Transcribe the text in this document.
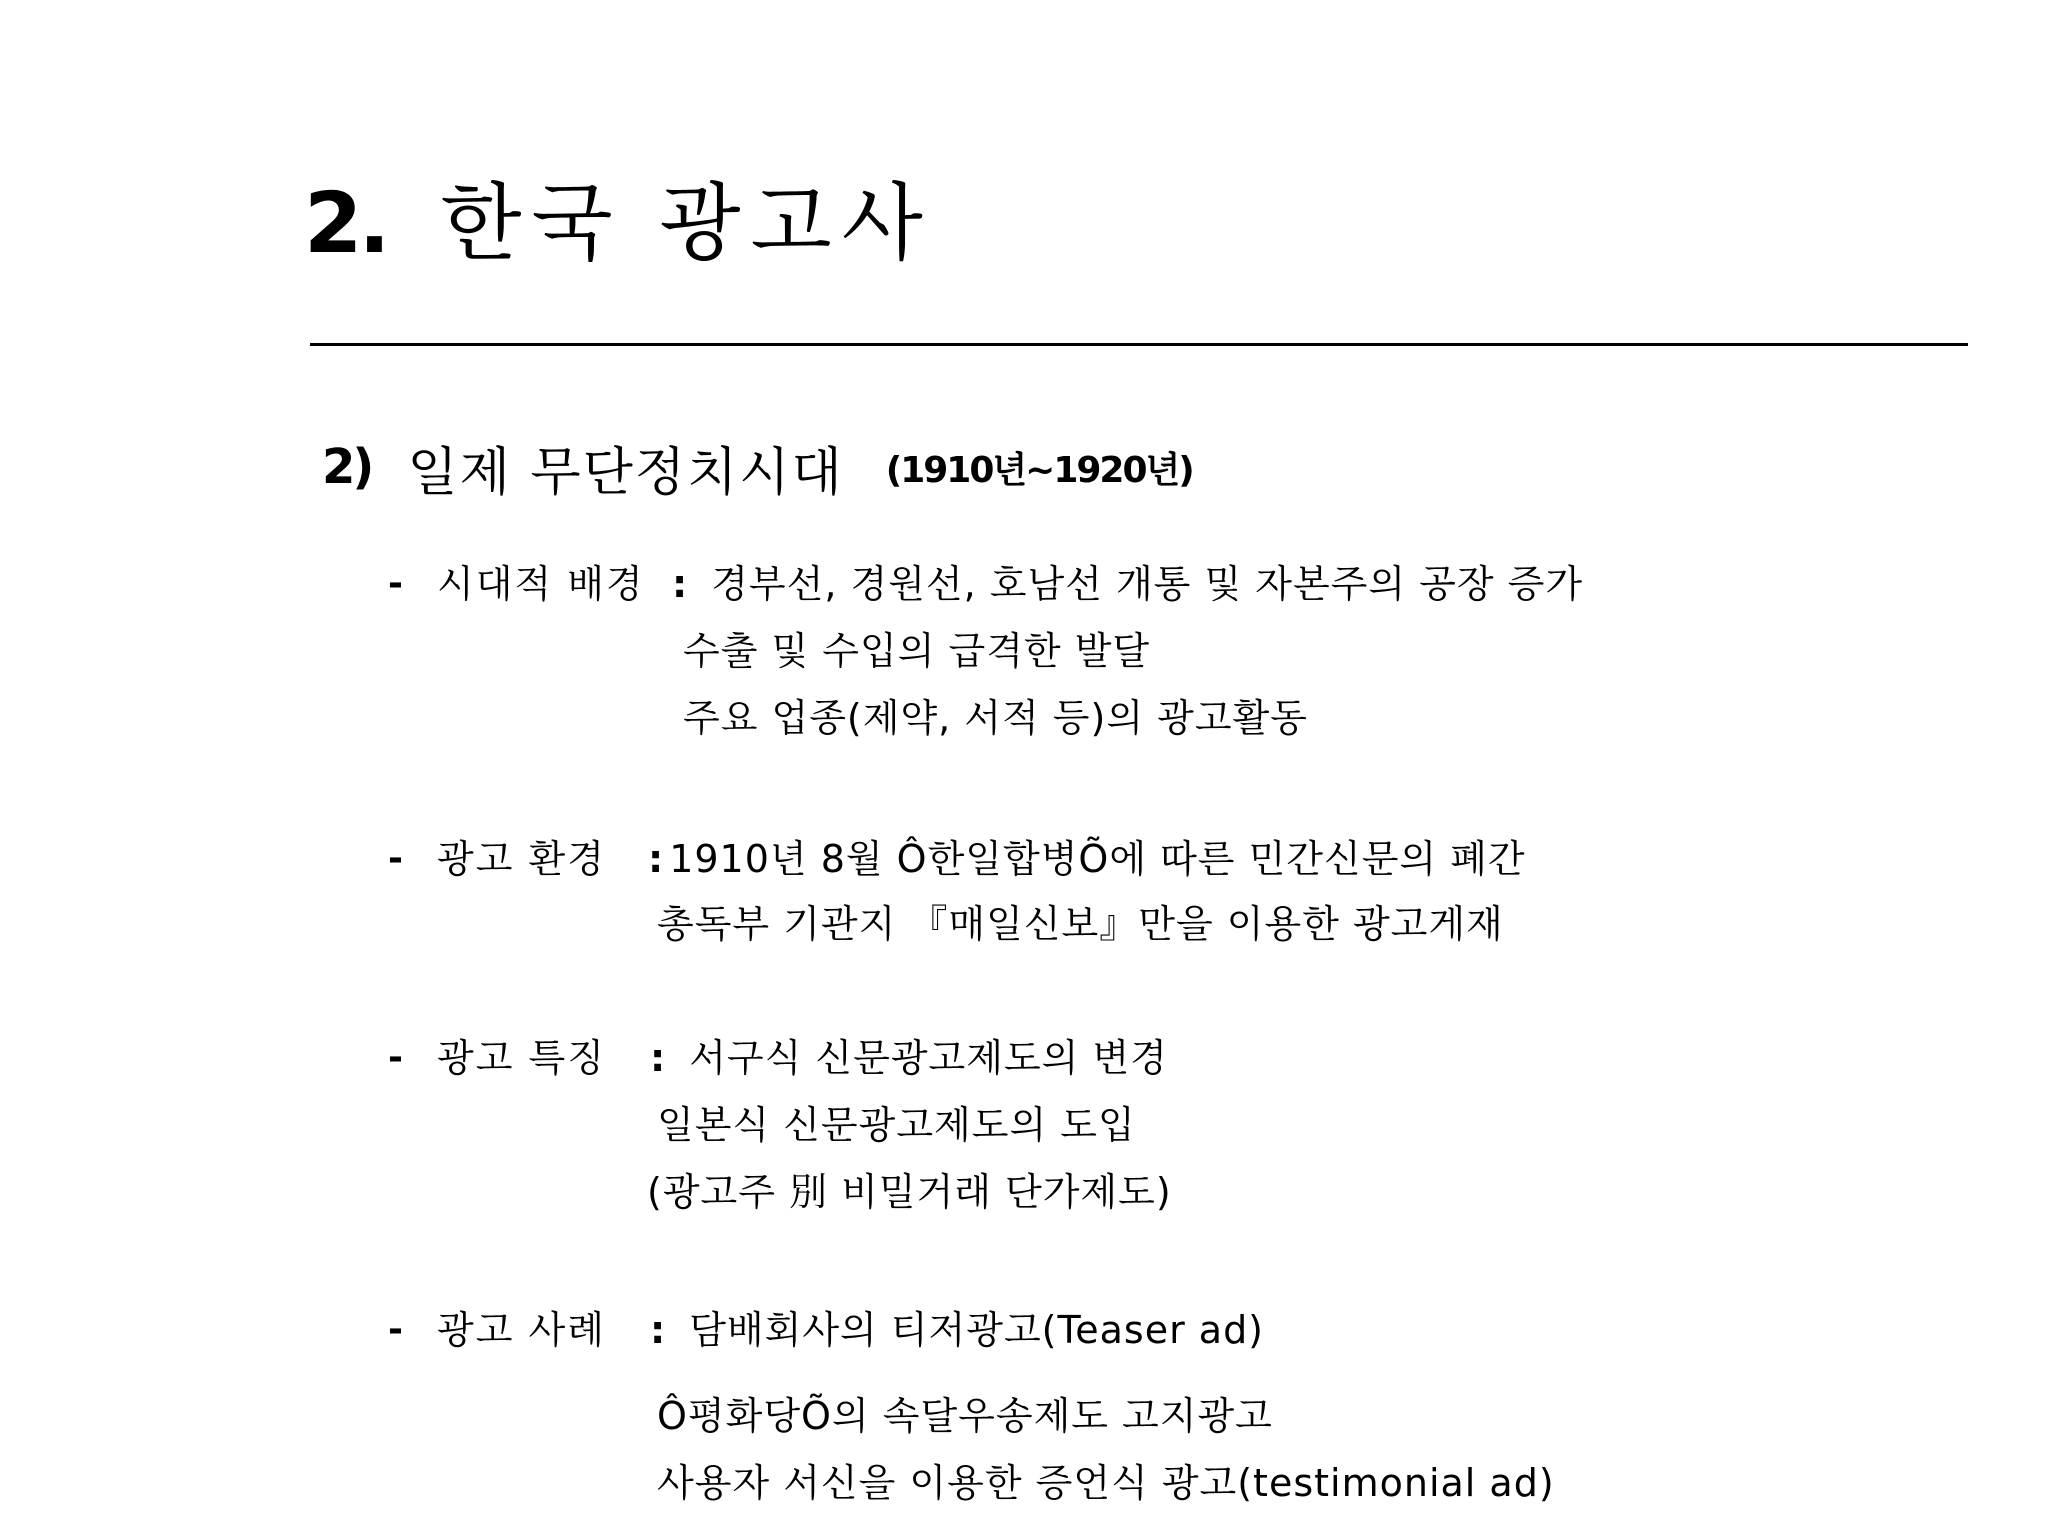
2. 한국 광고사
2) 일제 무단정치시대 (1910년~1920년)
- 시대적 배경 : 경부선, 경원선, 호남선 개통 및 자본주의 공장 증가
수출 및 수입의 급격한 발달
주요 업종(제약, 서적 등)의 광고활동
- 광고 환경 : 1910년 8월 Ô한일합병Õ에 따른 민간신문의 폐간
총독부 기관지 『매일신보』만을 이용한 광고게재
- 광고 특징 : 서구식 신문광고제도의 변경
일본식 신문광고제도의 도입
(광고주 別 비밀거래 단가제도)
- 광고 사례 : 담배회사의 티저광고(Teaser ad)
Ô평화당Õ의 속달우송제도 고지광고
사용자 서신을 이용한 증언식 광고(testimonial ad)
